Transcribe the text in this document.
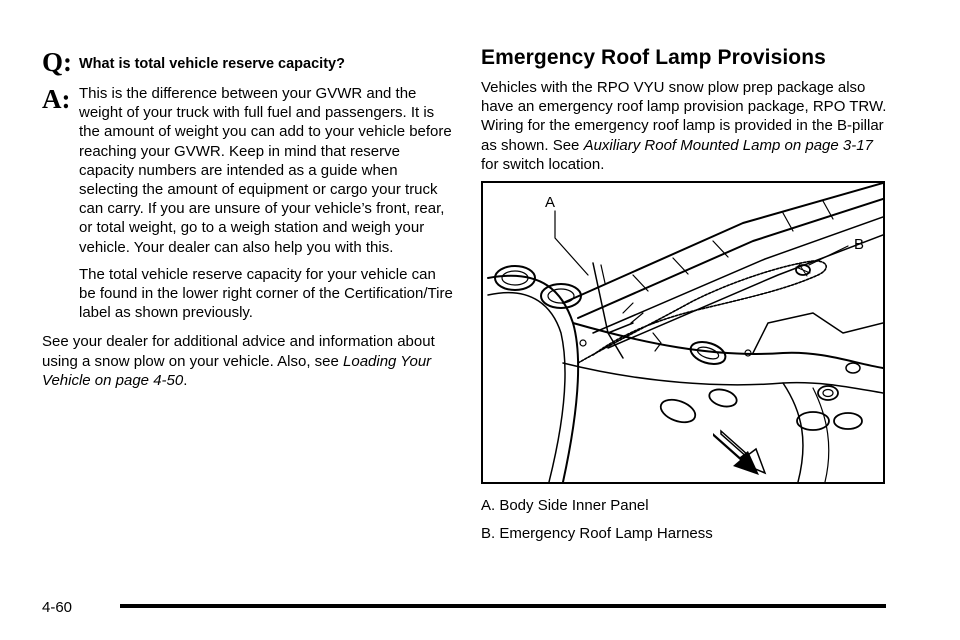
Q: What is total vehicle reserve capacity?
A: This is the difference between your GVWR and the weight of your truck with full fuel and passengers. It is the amount of weight you can add to your vehicle before reaching your GVWR. Keep in mind that reserve capacity numbers are intended as a guide when selecting the amount of equipment or cargo your truck can carry. If you are unsure of your vehicle’s front, rear, or total weight, go to a weigh station and weigh your vehicle. Your dealer can also help you with this.

The total vehicle reserve capacity for your vehicle can be found in the lower right corner of the Certification/Tire label as shown previously.

See your dealer for additional advice and information about using a snow plow on your vehicle. Also, see Loading Your Vehicle on page 4-50.

Emergency Roof Lamp Provisions

Vehicles with the RPO VYU snow plow prep package also have an emergency roof lamp provision package, RPO TRW. Wiring for the emergency roof lamp is provided in the B-pillar as shown. See Auxiliary Roof Mounted Lamp on page 3-17 for switch location.

A
B

A. Body Side Inner Panel

B. Emergency Roof Lamp Harness

4-60
